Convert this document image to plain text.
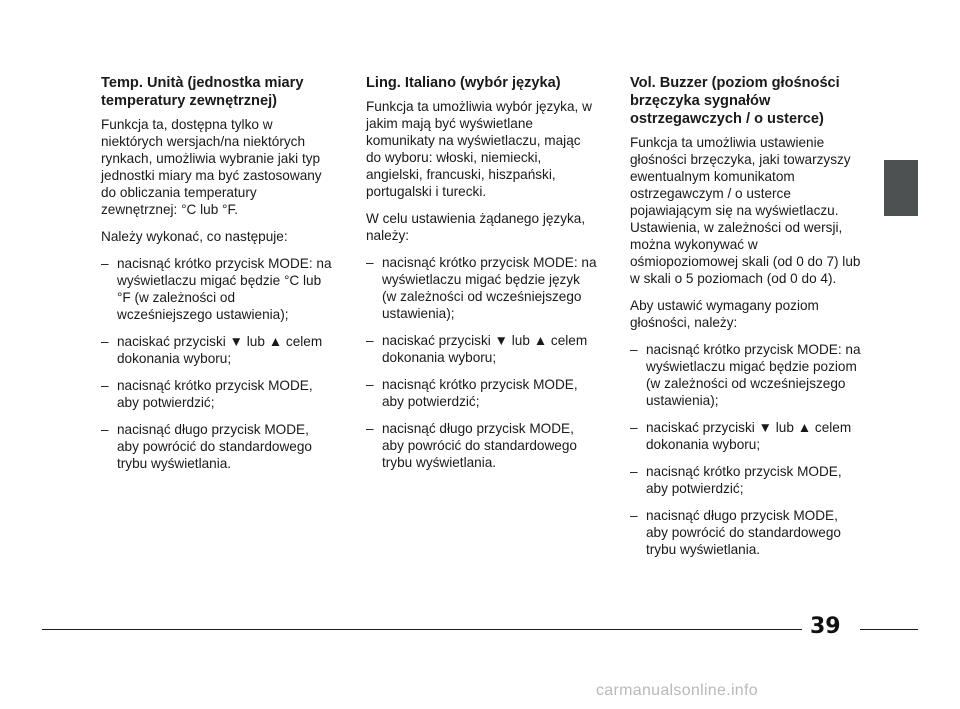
Temp. Unità (jednostka miary temperatury zewnętrznej)

Funkcja ta, dostępna tylko w niektórych wersjach/na niektórych rynkach, umożliwia wybranie jaki typ jednostki miary ma być zastosowany do obliczania temperatury zewnętrznej: °C lub °F.

Należy wykonać, co następuje:

– nacisnąć krótko przycisk MODE: na wyświetlaczu migać będzie °C lub °F (w zależności od wcześniejszego ustawienia);
– naciskać przyciski ▼ lub ▲ celem dokonania wyboru;
– nacisnąć krótko przycisk MODE, aby potwierdzić;
– nacisnąć długo przycisk MODE, aby powrócić do standardowego trybu wyświetlania.
Ling. Italiano (wybór języka)

Funkcja ta umożliwia wybór języka, w jakim mają być wyświetlane komunikaty na wyświetlaczu, mając do wyboru: włoski, niemiecki, angielski, francuski, hiszpański, portugalski i turecki.

W celu ustawienia żądanego języka, należy:

– nacisnąć krótko przycisk MODE: na wyświetlaczu migać będzie język (w zależności od wcześniejszego ustawienia);
– naciskać przyciski ▼ lub ▲ celem dokonania wyboru;
– nacisnąć krótko przycisk MODE, aby potwierdzić;
– nacisnąć długo przycisk MODE, aby powrócić do standardowego trybu wyświetlania.
Vol. Buzzer (poziom głośności brzęczyka sygnałów ostrzegawczych / o usterce)

Funkcja ta umożliwia ustawienie głośności brzęczyka, jaki towarzyszy ewentualnym komunikatom ostrzegawczym / o usterce pojawiającym się na wyświetlaczu. Ustawienia, w zależności od wersji, można wykonywać w ośmiopoziomowej skali (od 0 do 7) lub w skali o 5 poziomach (od 0 do 4).

Aby ustawić wymagany poziom głośności, należy:

– nacisnąć krótko przycisk MODE: na wyświetlaczu migać będzie poziom (w zależności od wcześniejszego ustawienia);
– naciskać przyciski ▼ lub ▲ celem dokonania wyboru;
– nacisnąć krótko przycisk MODE, aby potwierdzić;
– nacisnąć długo przycisk MODE, aby powrócić do standardowego trybu wyświetlania.
39
carmanualsonline.info
